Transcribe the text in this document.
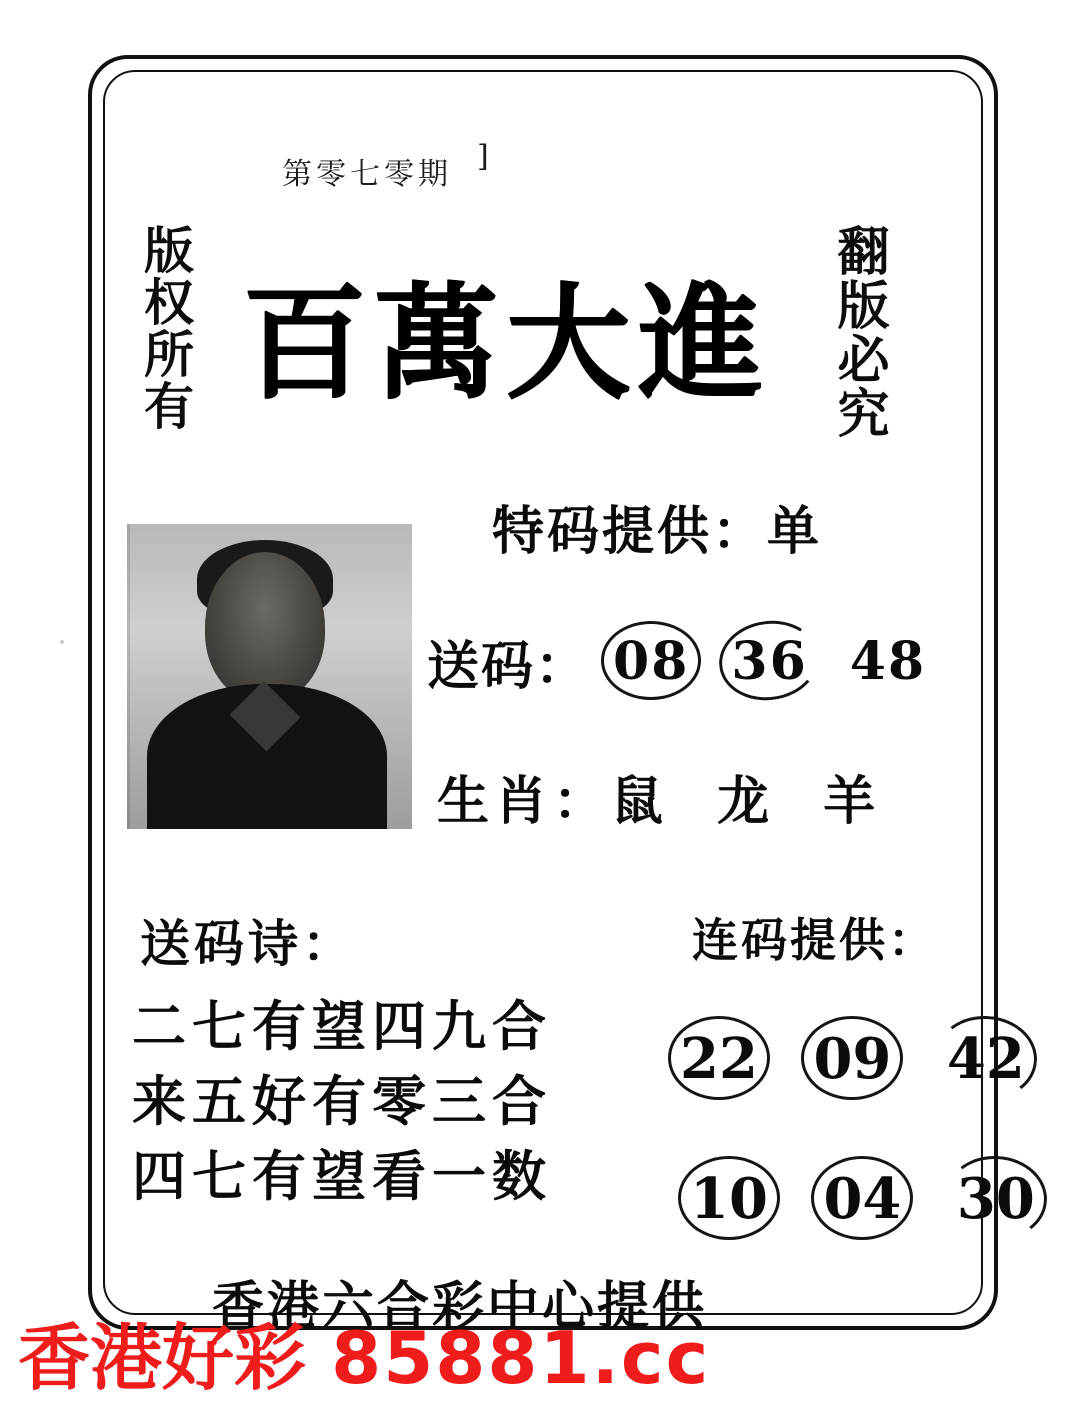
第零七零期
]
版权所有	翻版必究
百萬大進
特码提供：单
送码： 08 36 48
生肖：鼠 龙 羊
送码诗：
二七有望四九合
来五好有零三合
四七有望看一数
连码提供：
22 09 42
10 04 30
香港六合彩中心提供
香港好彩 85881.cc
